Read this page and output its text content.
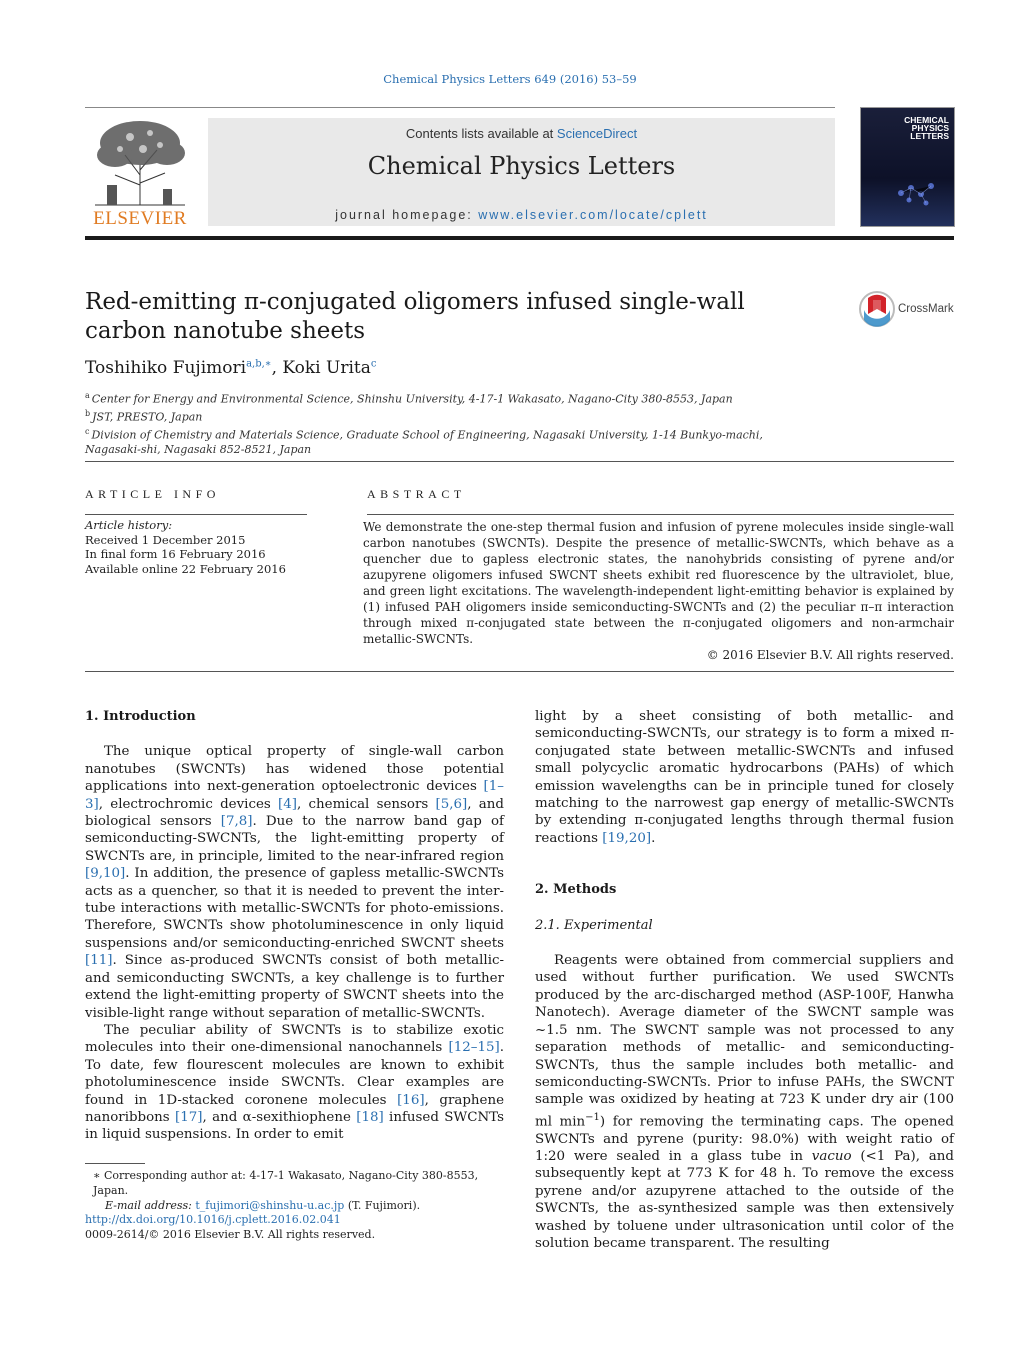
Chemical Physics Letters 649 (2016) 53–59
ELSEVIER
Contents lists available at ScienceDirect
Chemical Physics Letters
journal homepage: www.elsevier.com/locate/cplett
CHEMICAL PHYSICS LETTERS
Red-emitting π-conjugated oligomers infused single-wall carbon nanotube sheets
CrossMark
Toshihiko Fujimori$^{a,b,∗}$, Koki Urita$^c$
$^a$ Center for Energy and Environmental Science, Shinshu University, 4-17-1 Wakasato, Nagano-City 380-8553, Japan
$^b$ JST, PRESTO, Japan
$^c$ Division of Chemistry and Materials Science, Graduate School of Engineering, Nagasaki University, 1-14 Bunkyo-machi, Nagasaki-shi, Nagasaki 852-8521, Japan
ARTICLE INFO
Article history:
Received 1 December 2015
In final form 16 February 2016
Available online 22 February 2016
ABSTRACT
We demonstrate the one-step thermal fusion and infusion of pyrene molecules inside single-wall carbon nanotubes (SWCNTs). Despite the presence of metallic-SWCNTs, which behave as a quencher due to gapless electronic states, the nanohybrids consisting of pyrene and/or azupyrene oligomers infused SWCNT sheets exhibit red fluorescence by the ultraviolet, blue, and green light excitations. The wavelength-independent light-emitting behavior is explained by (1) infused PAH oligomers inside semiconducting-SWCNTs and (2) the peculiar π–π interaction through mixed π-conjugated state between the π-conjugated oligomers and non-armchair metallic-SWCNTs.
© 2016 Elsevier B.V. All rights reserved.
1. Introduction

The unique optical property of single-wall carbon nanotubes (SWCNTs) has widened those potential applications into next-generation optoelectronic devices [1–3], electrochromic devices [4], chemical sensors [5,6], and biological sensors [7,8]. Due to the narrow band gap of semiconducting-SWCNTs, the light-emitting property of SWCNTs are, in principle, limited to the near-infrared region [9,10]. In addition, the presence of gapless metallic-SWCNTs acts as a quencher, so that it is needed to prevent the inter-tube interactions with metallic-SWCNTs for photo-emissions. Therefore, SWCNTs show photoluminescence in only liquid suspensions and/or semiconducting-enriched SWCNT sheets [11]. Since as-produced SWCNTs consist of both metallic- and semiconducting SWCNTs, a key challenge is to further extend the light-emitting property of SWCNT sheets into the visible-light range without separation of metallic-SWCNTs.

The peculiar ability of SWCNTs is to stabilize exotic molecules into their one-dimensional nanochannels [12–15]. To date, few flourescent molecules are known to exhibit photoluminescence inside SWCNTs. Clear examples are found in 1D-stacked coronene molecules [16], graphene nanoribbons [17], and α-sexithiophene [18] infused SWCNTs in liquid suspensions. In order to emit

light by a sheet consisting of both metallic- and semiconducting-SWCNTs, our strategy is to form a mixed π-conjugated state between metallic-SWCNTs and infused small polycyclic aromatic hydrocarbons (PAHs) of which emission wavelengths can be in principle tuned for closely matching to the narrowest gap energy of metallic-SWCNTs by extending π-conjugated lengths through thermal fusion reactions [19,20].

2. Methods
2.1. Experimental

Reagents were obtained from commercial suppliers and used without further purification. We used SWCNTs produced by the arc-discharged method (ASP-100F, Hanwha Nanotech). Average diameter of the SWCNT sample was ~1.5 nm. The SWCNT sample was not processed to any separation methods of metallic- and semiconducting-SWCNTs, thus the sample includes both metallic- and semiconducting-SWCNTs. Prior to infuse PAHs, the SWCNT sample was oxidized by heating at 723 K under dry air (100 ml $\min^{-1}$) for removing the terminating caps. The opened SWCNTs and pyrene (purity: 98.0%) with weight ratio of 1:20 were sealed in a glass tube in vacuo (<1 Pa), and subsequently kept at 773 K for 48 h. To remove the excess pyrene and/or azupyrene attached to the outside of the SWCNTs, the as-synthesized sample was then extensively washed by toluene under ultrasonication until color of the solution became transparent. The resulting

∗ Corresponding author at: 4-17-1 Wakasato, Nagano-City 380-8553, Japan.
E-mail address: t_fujimori@shinshu-u.ac.jp (T. Fujimori).
http://dx.doi.org/10.1016/j.cplett.2016.02.041
0009-2614/© 2016 Elsevier B.V. All rights reserved.
